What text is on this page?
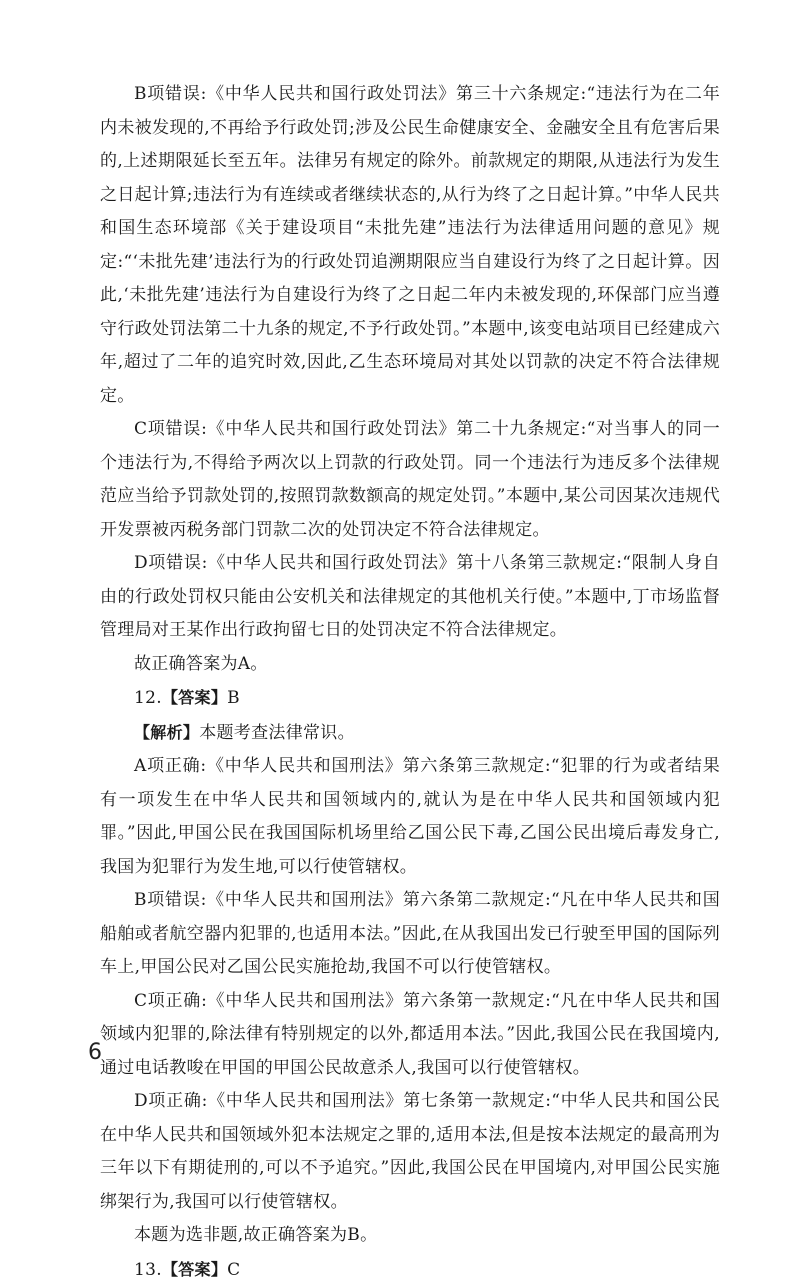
B项错误:《中华人民共和国行政处罚法》第三十六条规定:“违法行为在二年内未被发现的,不再给予行政处罚;涉及公民生命健康安全、金融安全且有危害后果的,上述期限延长至五年。法律另有规定的除外。前款规定的期限,从违法行为发生之日起计算;违法行为有连续或者继续状态的,从行为终了之日起计算。”中华人民共和国生态环境部《关于建设项目“未批先建”违法行为法律适用问题的意见》规定:“‘未批先建’违法行为的行政处罚追溯期限应当自建设行为终了之日起计算。因此,‘未批先建’违法行为自建设行为终了之日起二年内未被发现的,环保部门应当遵守行政处罚法第二十九条的规定,不予行政处罚。”本题中,该变电站项目已经建成六年,超过了二年的追究时效,因此,乙生态环境局对其处以罚款的决定不符合法律规定。

C项错误:《中华人民共和国行政处罚法》第二十九条规定:“对当事人的同一个违法行为,不得给予两次以上罚款的行政处罚。同一个违法行为违反多个法律规范应当给予罚款处罚的,按照罚款数额高的规定处罚。”本题中,某公司因某次违规代开发票被丙税务部门罚款二次的处罚决定不符合法律规定。

D项错误:《中华人民共和国行政处罚法》第十八条第三款规定:“限制人身自由的行政处罚权只能由公安机关和法律规定的其他机关行使。”本题中,丁市场监督管理局对王某作出行政拘留七日的处罚决定不符合法律规定。

故正确答案为A。

12.【答案】B

【解析】本题考查法律常识。

A项正确:《中华人民共和国刑法》第六条第三款规定:“犯罪的行为或者结果有一项发生在中华人民共和国领域内的,就认为是在中华人民共和国领域内犯罪。”因此,甲国公民在我国国际机场里给乙国公民下毒,乙国公民出境后毒发身亡,我国为犯罪行为发生地,可以行使管辖权。

B项错误:《中华人民共和国刑法》第六条第二款规定:“凡在中华人民共和国船舶或者航空器内犯罪的,也适用本法。”因此,在从我国出发已行驶至甲国的国际列车上,甲国公民对乙国公民实施抢劫,我国不可以行使管辖权。

C项正确:《中华人民共和国刑法》第六条第一款规定:“凡在中华人民共和国领域内犯罪的,除法律有特别规定的以外,都适用本法。”因此,我国公民在我国境内,通过电话教唆在甲国的甲国公民故意杀人,我国可以行使管辖权。

D项正确:《中华人民共和国刑法》第七条第一款规定:“中华人民共和国公民在中华人民共和国领域外犯本法规定之罪的,适用本法,但是按本法规定的最高刑为三年以下有期徒刑的,可以不予追究。”因此,我国公民在甲国境内,对甲国公民实施绑架行为,我国可以行使管辖权。

本题为选非题,故正确答案为B。

13.【答案】C

6
